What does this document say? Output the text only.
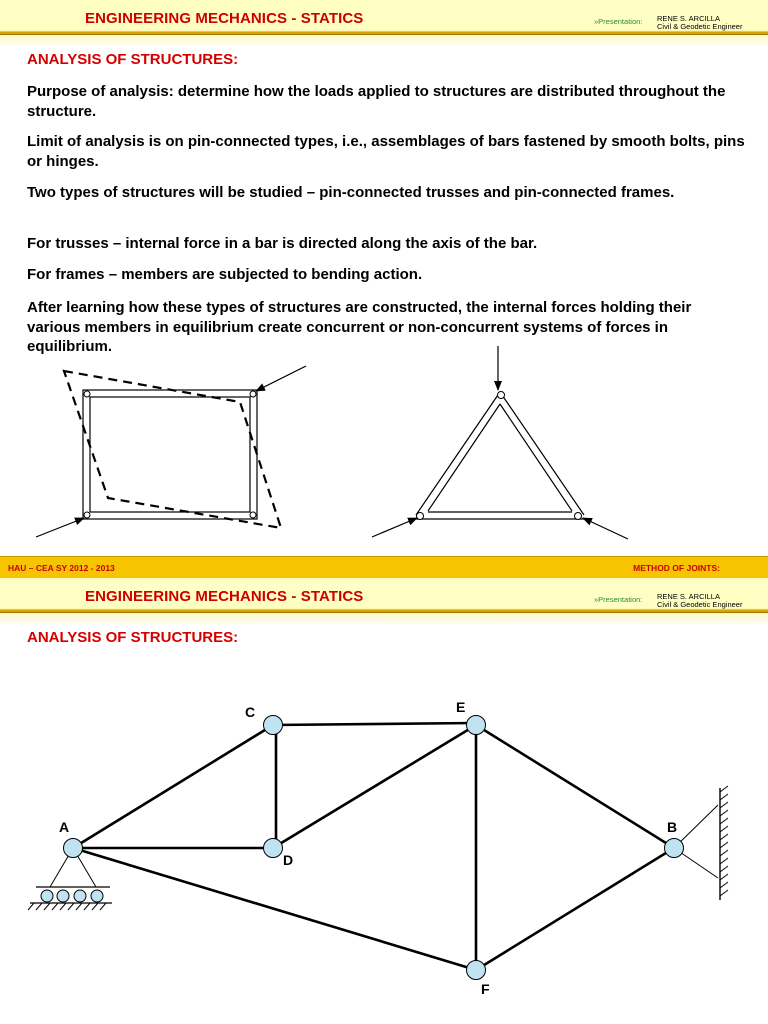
ENGINEERING MECHANICS - STATICS	»Presentation: RENE S. ARCILLA
Civil & Geodetic Engineer
ANALYSIS OF STRUCTURES:
Purpose of analysis: determine how the loads applied to structures are distributed throughout the structure.
Limit of analysis is on pin-connected types, i.e., assemblages of bars fastened by smooth bolts, pins or hinges.
Two types of structures will be studied – pin-connected trusses and pin-connected frames.
For trusses – internal force in a bar is directed along the axis of the bar.
For frames – members are subjected to bending action.
After learning how these types of structures are constructed, the internal forces holding their various members in equilibrium create concurrent or non-concurrent systems of forces in equilibrium.
HAU – CEA SY 2012 - 2013	METHOD OF JOINTS:
ENGINEERING MECHANICS - STATICS	»Presentation: RENE S. ARCILLA
Civil & Geodetic Engineer
ANALYSIS OF STRUCTURES:
A	B
C
D
E
F
